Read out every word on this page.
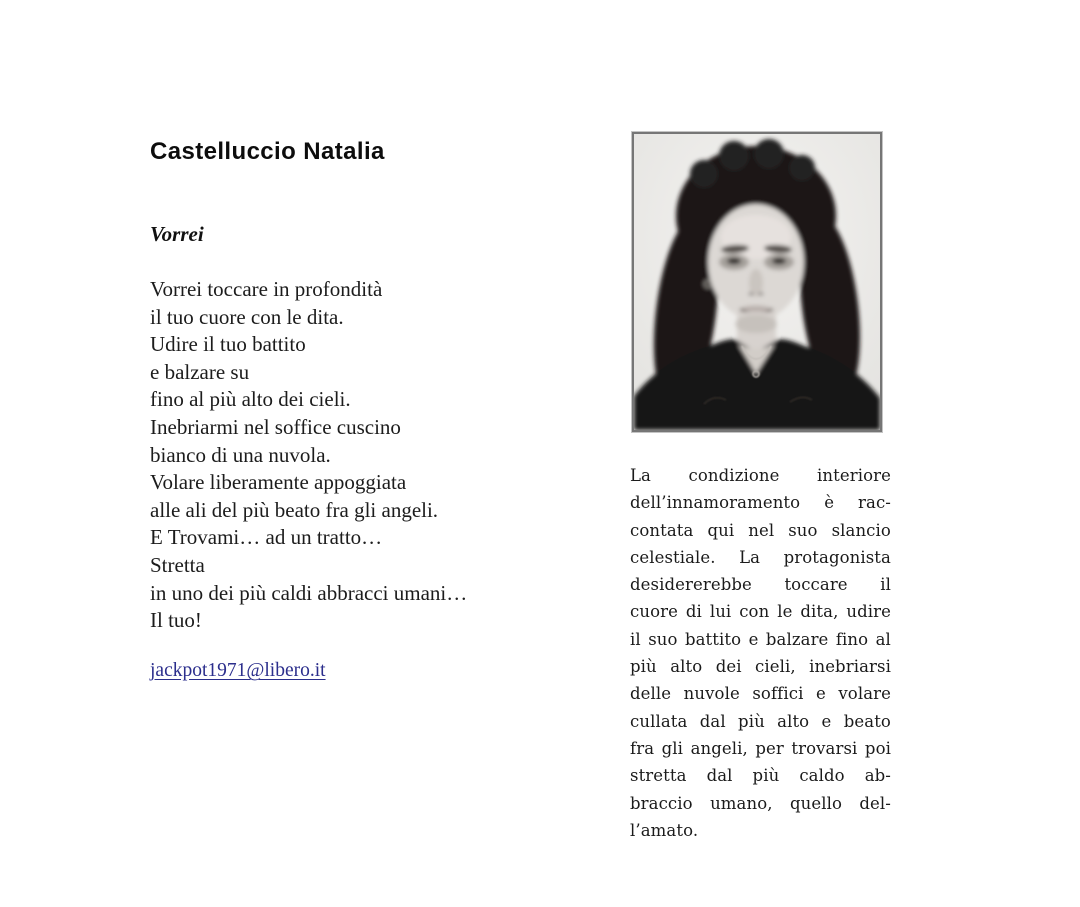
Castelluccio Natalia
Vorrei
Vorrei toccare in profondità
il tuo cuore con le dita.
Udire il tuo battito
e balzare su
fino al più alto dei cieli.
Inebriarmi nel soffice cuscino
bianco di una nuvola.
Volare liberamente appoggiata
alle ali del più beato fra gli angeli.
E Trovami… ad un tratto…
Stretta
in uno dei più caldi abbracci umani…
Il tuo!
jackpot1971@libero.it
La condizione interiore
dell’innamoramento è rac-
contata qui nel suo slancio
celestiale. La protagonista
desidererebbe toccare il
cuore di lui con le dita, udire
il suo battito e balzare fino al
più alto dei cieli, inebriarsi
delle nuvole soffici e volare
cullata dal più alto e beato
fra gli angeli, per trovarsi poi
stretta dal più caldo ab-
braccio umano, quello del-
l’amato.
